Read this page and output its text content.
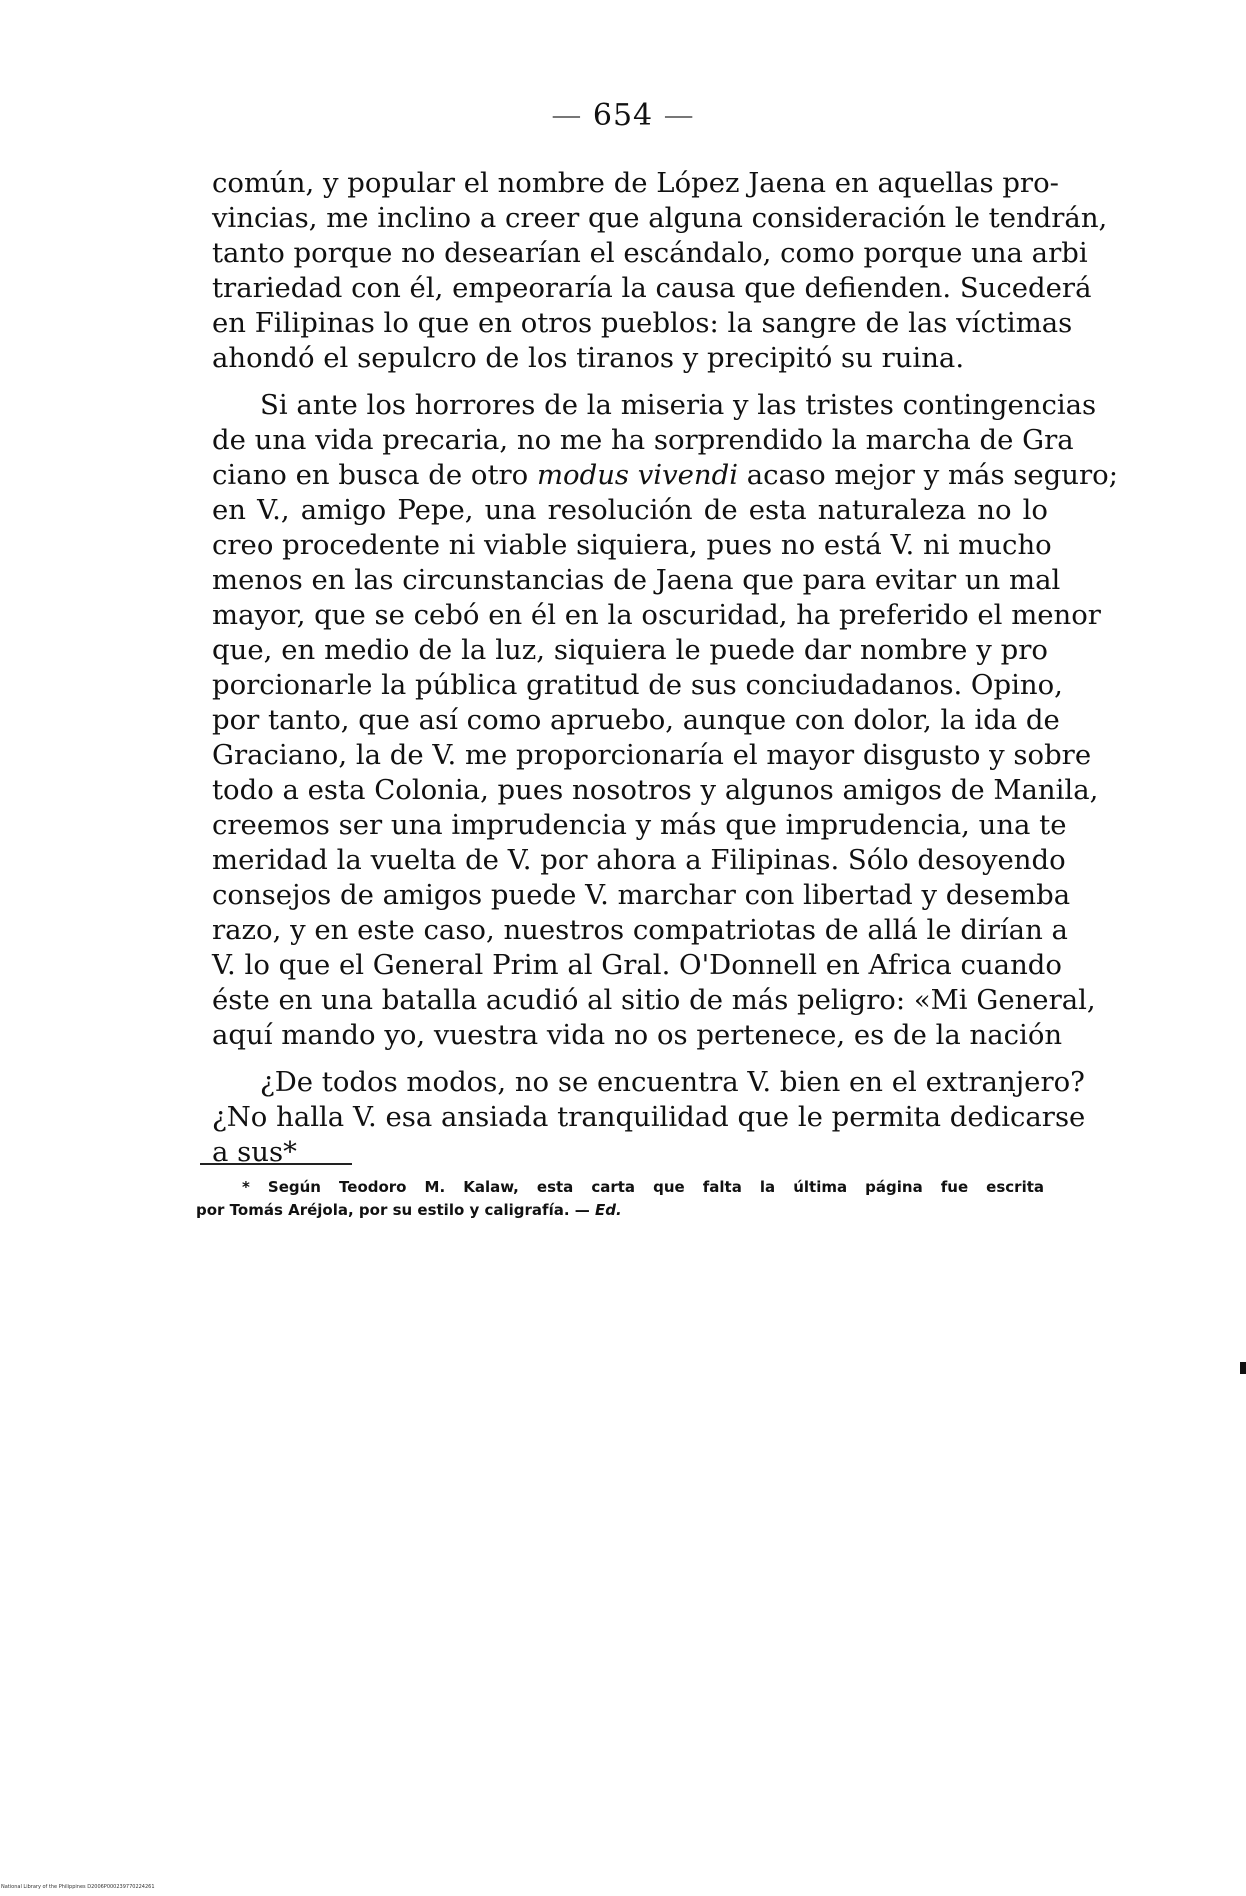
— 654 —
común, y popular el nombre de López Jaena en aquellas pro-
vincias, me inclino a creer que alguna consideración le tendrán,
tanto porque no desearían el escándalo, como porque una arbi
trariedad con él, empeoraría la causa que defienden. Sucederá
en Filipinas lo que en otros pueblos: la sangre de las víctimas
ahondó el sepulcro de los tiranos y precipitó su ruina.
Si ante los horrores de la miseria y las tristes contingencias
de una vida precaria, no me ha sorprendido la marcha de Gra
ciano en busca de otro modus vivendi acaso mejor y más seguro;
en V., amigo Pepe, una resolución de esta naturaleza no lo
creo procedente ni viable siquiera, pues no está V. ni mucho
menos en las circunstancias de Jaena que para evitar un mal
mayor, que se cebó en él en la oscuridad, ha preferido el menor
que, en medio de la luz, siquiera le puede dar nombre y pro
porcionarle la pública gratitud de sus conciudadanos. Opino,
por tanto, que así como apruebo, aunque con dolor, la ida de
Graciano, la de V. me proporcionaría el mayor disgusto y sobre
todo a esta Colonia, pues nosotros y algunos amigos de Manila,
creemos ser una imprudencia y más que imprudencia, una te
meridad la vuelta de V. por ahora a Filipinas. Sólo desoyendo
consejos de amigos puede V. marchar con libertad y desemba
razo, y en este caso, nuestros compatriotas de allá le dirían a
V. lo que el General Prim al Gral. O'Donnell en Africa cuando
éste en una batalla acudió al sitio de más peligro: «Mi General,
aquí mando yo, vuestra vida no os pertenece, es de la nación
¿De todos modos, no se encuentra V. bien en el extranjero?
¿No halla V. esa ansiada tranquilidad que le permita dedicarse
a sus*
* Según Teodoro M. Kalaw, esta carta que falta la última página fue escrita
por Tomás Aréjola, por su estilo y caligrafía. — Ed.
National Library of the Philippines D2006P000239770224261
